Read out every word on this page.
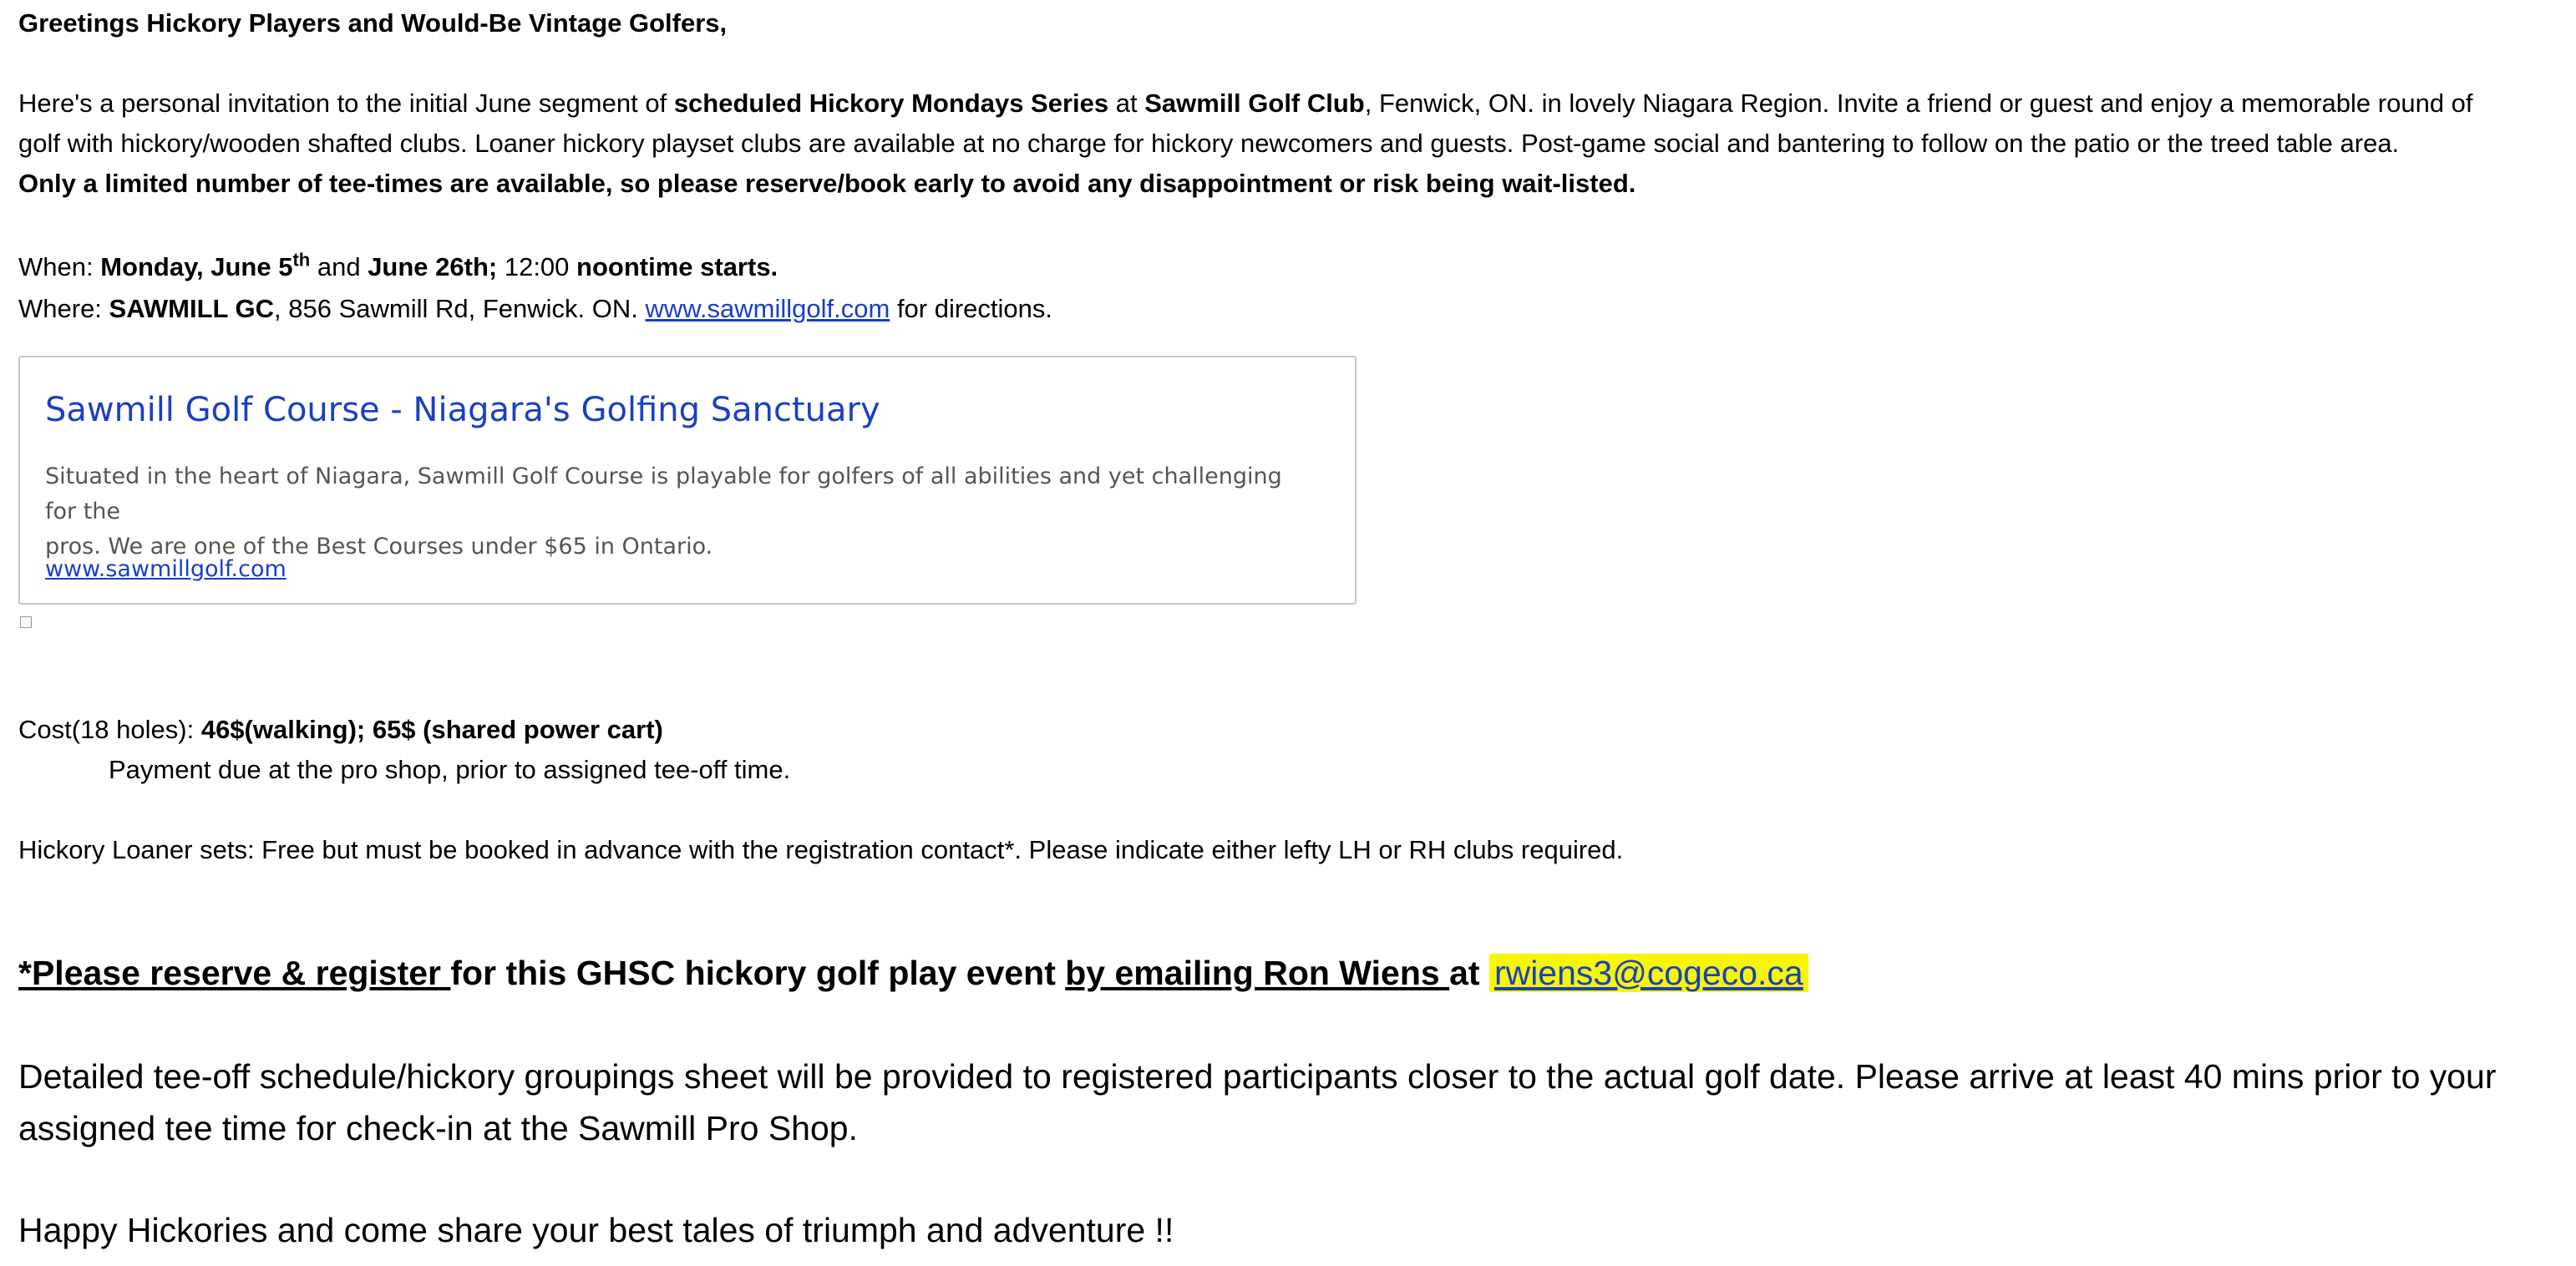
Greetings Hickory Players and Would-Be Vintage Golfers,
Here's a personal invitation to the initial June segment of scheduled Hickory Mondays Series at Sawmill Golf Club, Fenwick, ON. in lovely Niagara Region. Invite a friend or guest and enjoy a memorable round of
golf with hickory/wooden shafted clubs. Loaner hickory playset clubs are available at no charge for hickory newcomers and guests. Post-game social and bantering to follow on the patio or the treed table area.
Only a limited number of tee-times are available, so please reserve/book early to avoid any disappointment or risk being wait-listed.
When: Monday, June 5th and June 26th; 12:00 noontime starts.
Where: SAWMILL GC, 856 Sawmill Rd, Fenwick. ON. www.sawmillgolf.com for directions.
Sawmill Golf Course - Niagara's Golfing Sanctuary
Situated in the heart of Niagara, Sawmill Golf Course is playable for golfers of all abilities and yet challenging for the
pros. We are one of the Best Courses under $65 in Ontario.
www.sawmillgolf.com
Cost(18 holes): 46$(walking); 65$ (shared power cart)
Payment due at the pro shop, prior to assigned tee-off time.
Hickory Loaner sets: Free but must be booked in advance with the registration contact*. Please indicate either lefty LH or RH clubs required.
*Please reserve & register for this GHSC hickory golf play event by emailing Ron Wiens at rwiens3@cogeco.ca
Detailed tee-off schedule/hickory groupings sheet will be provided to registered participants closer to the actual golf date. Please arrive at least 40 mins prior to your
assigned tee time for check-in at the Sawmill Pro Shop.
Happy Hickories and come share your best tales of triumph and adventure !!
